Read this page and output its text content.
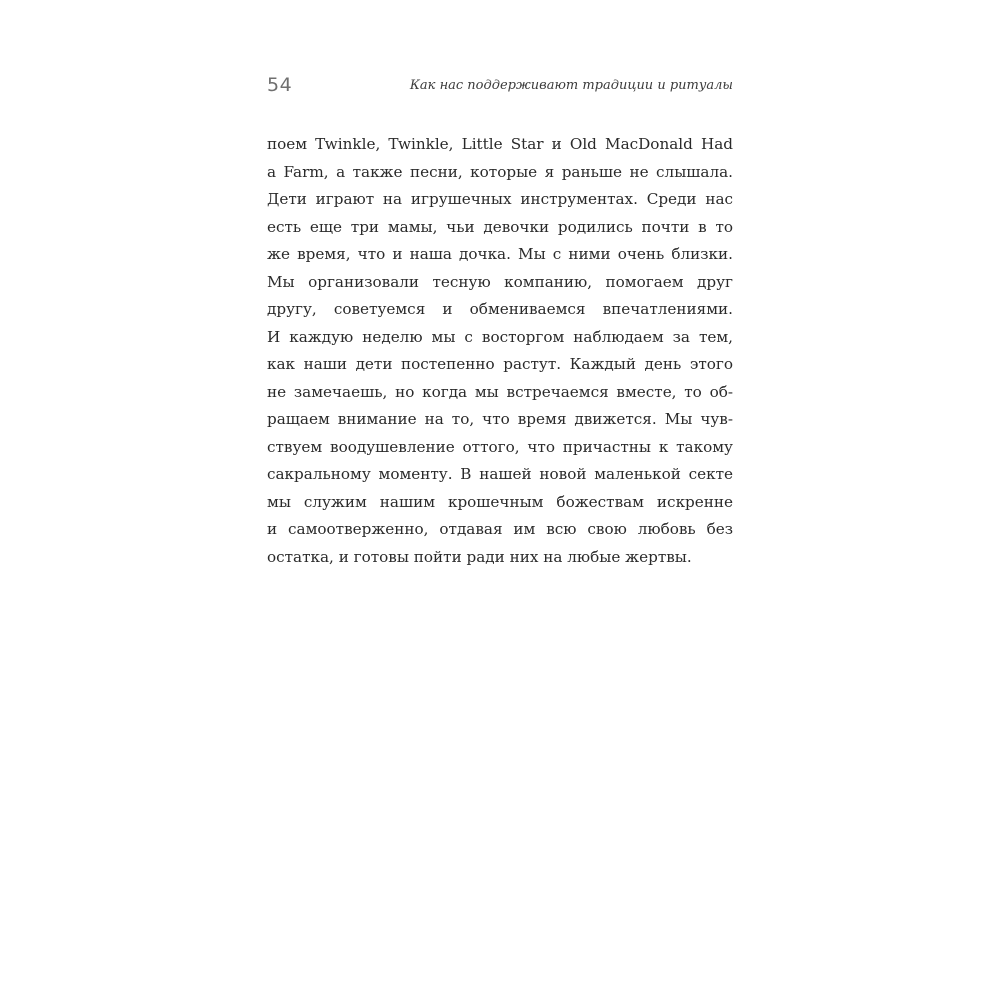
54	Как нас поддерживают традиции и ритуалы
поем Twinkle, Twinkle, Little Star и Old MacDonald Had
a Farm, а также песни, которые я раньше не слышала.
Дети играют на игрушечных инструментах. Среди нас
есть еще три мамы, чьи девочки родились почти в то
же время, что и наша дочка. Мы с ними очень близки.
Мы организовали тесную компанию, помогаем друг
другу, советуемся и обмениваемся впечатлениями.
И каждую неделю мы с восторгом наблюдаем за тем,
как наши дети постепенно растут. Каждый день этого
не замечаешь, но когда мы встречаемся вместе, то об-
ращаем внимание на то, что время движется. Мы чув-
ствуем воодушевление оттого, что причастны к такому
сакральному моменту. В нашей новой маленькой секте
мы служим нашим крошечным божествам искренне
и самоотверженно, отдавая им всю свою любовь без
остатка, и готовы пойти ради них на любые жертвы.
